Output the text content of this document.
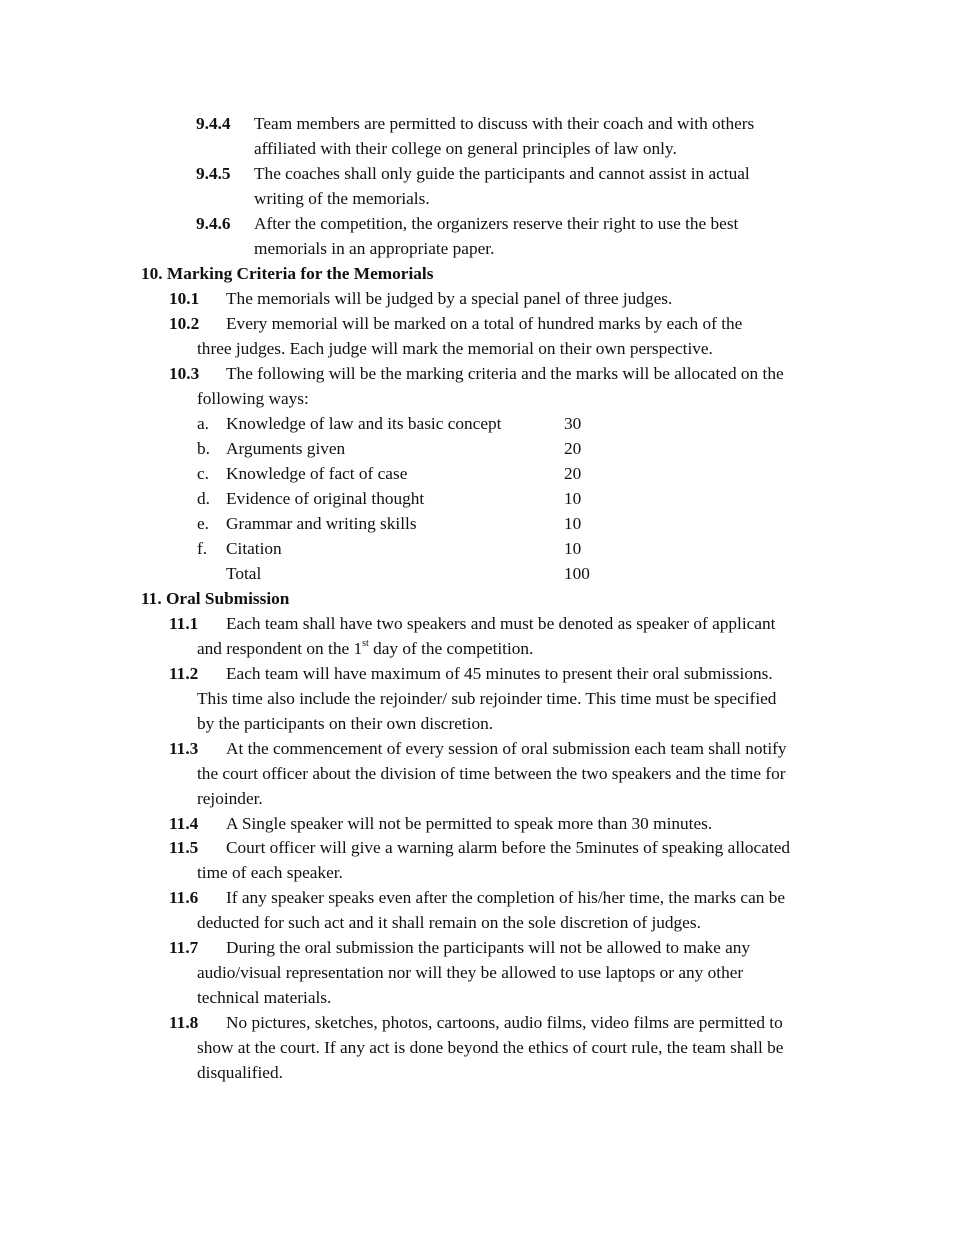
9.4.4 Team members are permitted to discuss with their coach and with others
affiliated with their college on general principles of law only.
9.4.5 The coaches shall only guide the participants and cannot assist in actual
writing of the memorials.
9.4.6 After the competition, the organizers reserve their right to use the best
memorials in an appropriate paper.
10. Marking Criteria for the Memorials
10.1 The memorials will be judged by a special panel of three judges.
10.2 Every memorial will be marked on a total of hundred marks by each of the
three judges. Each judge will mark the memorial on their own perspective.
10.3 The following will be the marking criteria and the marks will be allocated on the
following ways:
a. Knowledge of law and its basic concept	30
b. Arguments given	20
c. Knowledge of fact of case	20
d. Evidence of original thought	10
e. Grammar and writing skills	10
f. Citation	10
Total	100
11. Oral Submission
11.1 Each team shall have two speakers and must be denoted as speaker of applicant
and respondent on the 1st day of the competition.
11.2 Each team will have maximum of 45 minutes to present their oral submissions.
This time also include the rejoinder/ sub rejoinder time. This time must be specified
by the participants on their own discretion.
11.3 At the commencement of every session of oral submission each team shall notify
the court officer about the division of time between the two speakers and the time for
rejoinder.
11.4 A Single speaker will not be permitted to speak more than 30 minutes.
11.5 Court officer will give a warning alarm before the 5minutes of speaking allocated
time of each speaker.
11.6 If any speaker speaks even after the completion of his/her time, the marks can be
deducted for such act and it shall remain on the sole discretion of judges.
11.7 During the oral submission the participants will not be allowed to make any
audio/visual representation nor will they be allowed to use laptops or any other
technical materials.
11.8 No pictures, sketches, photos, cartoons, audio films, video films are permitted to
show at the court. If any act is done beyond the ethics of court rule, the team shall be
disqualified.
